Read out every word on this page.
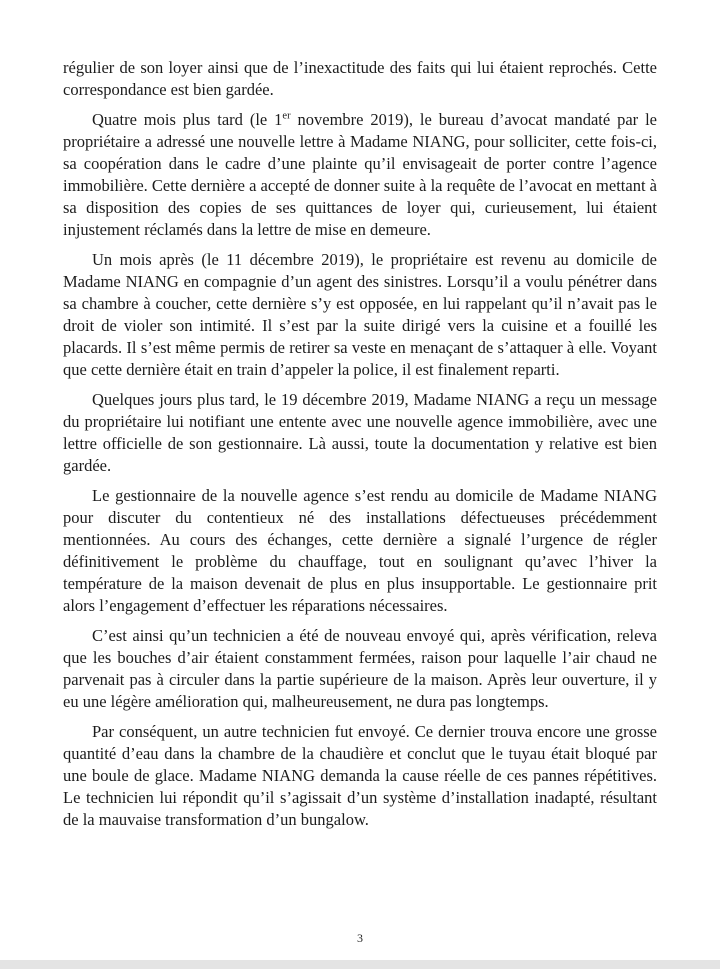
régulier de son loyer ainsi que de l’inexactitude des faits qui lui étaient reprochés. Cette correspondance est bien gardée.

Quatre mois plus tard (le 1er novembre 2019), le bureau d’avocat mandaté par le propriétaire a adressé une nouvelle lettre à Madame NIANG, pour solliciter, cette fois-ci, sa coopération dans le cadre d’une plainte qu’il envisageait de porter contre l’agence immobilière. Cette dernière a accepté de donner suite à la requête de l’avocat en mettant à sa disposition des copies de ses quittances de loyer qui, curieusement, lui étaient injustement réclamés dans la lettre de mise en demeure.

Un mois après (le 11 décembre 2019), le propriétaire est revenu au domicile de Madame NIANG en compagnie d’un agent des sinistres. Lorsqu’il a voulu pénétrer dans sa chambre à coucher, cette dernière s’y est opposée, en lui rappelant qu’il n’avait pas le droit de violer son intimité. Il s’est par la suite dirigé vers la cuisine et a fouillé les placards. Il s’est même permis de retirer sa veste en menaçant de s’attaquer à elle. Voyant que cette dernière était en train d’appeler la police, il est finalement reparti.

Quelques jours plus tard, le 19 décembre 2019, Madame NIANG a reçu un message du propriétaire lui notifiant une entente avec une nouvelle agence immobilière, avec une lettre officielle de son gestionnaire. Là aussi, toute la documentation y relative est bien gardée.

Le gestionnaire de la nouvelle agence s’est rendu au domicile de Madame NIANG pour discuter du contentieux né des installations défectueuses précédemment mentionnées. Au cours des échanges, cette dernière a signalé l’urgence de régler définitivement le problème du chauffage, tout en soulignant qu’avec l’hiver la température de la maison devenait de plus en plus insupportable. Le gestionnaire prit alors l’engagement d’effectuer les réparations nécessaires.

C’est ainsi qu’un technicien a été de nouveau envoyé qui, après vérification, releva que les bouches d’air étaient constamment fermées, raison pour laquelle l’air chaud ne parvenait pas à circuler dans la partie supérieure de la maison. Après leur ouverture, il y eu une légère amélioration qui, malheureusement, ne dura pas longtemps.

Par conséquent, un autre technicien fut envoyé. Ce dernier trouva encore une grosse quantité d’eau dans la chambre de la chaudière et conclut que le tuyau était bloqué par une boule de glace. Madame NIANG demanda la cause réelle de ces pannes répétitives. Le technicien lui répondit qu’il s’agissait d’un système d’installation inadapté, résultant de la mauvaise transformation d’un bungalow.

3
